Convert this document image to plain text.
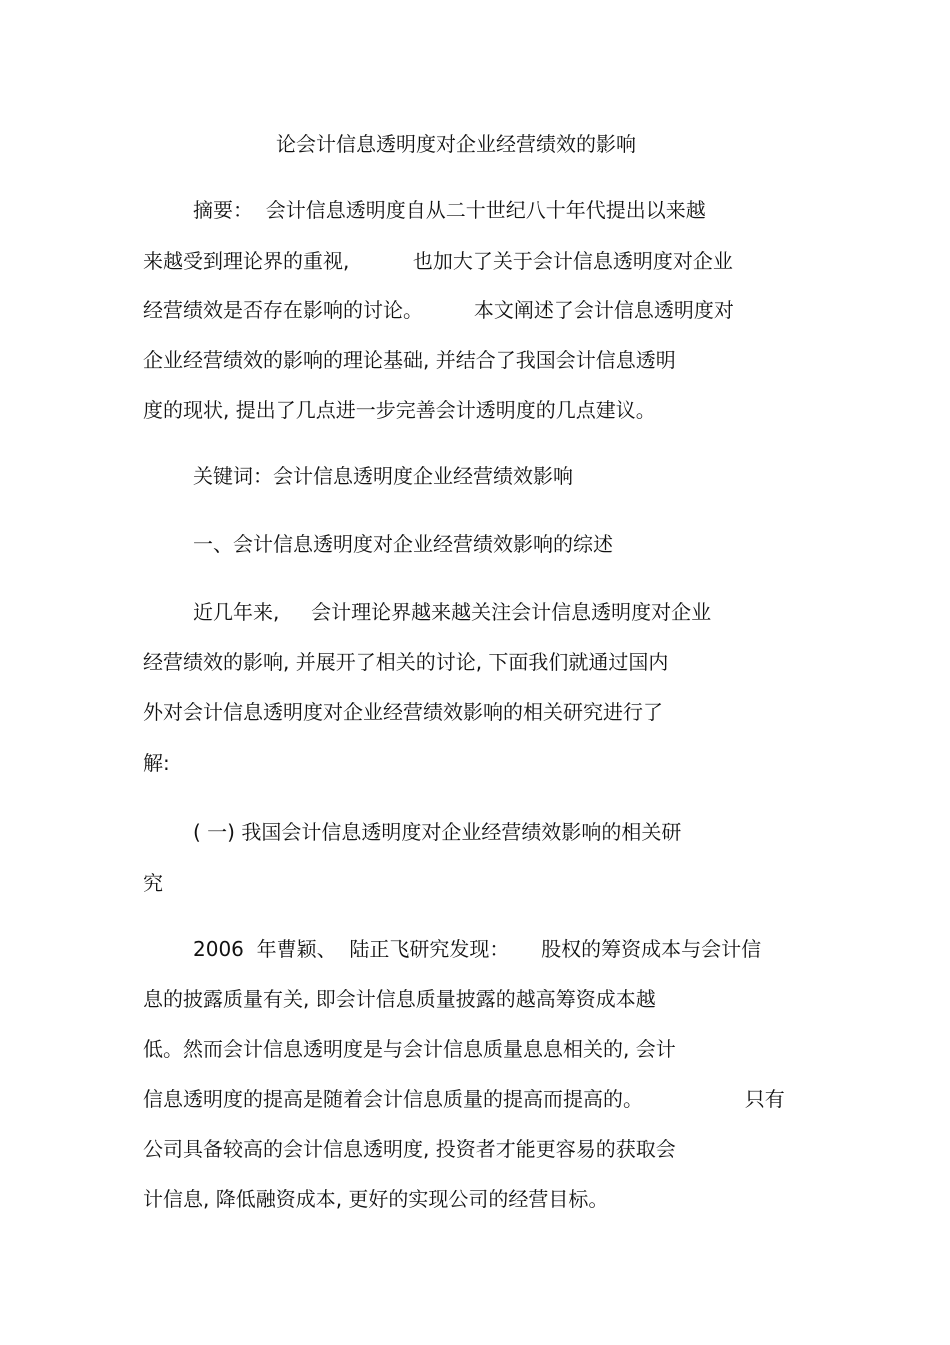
论会计信息透明度对企业经营绩效的影响
摘要：  会计信息透明度自从二十世纪八十年代提出以来越
来越受到理论界的重视,          也加大了关于会计信息透明度对企业
经营绩效是否存在影响的讨论。        本文阐述了会计信息透明度对
企业经营绩效的影响的理论基础, 并结合了我国会计信息透明
度的现状, 提出了几点进一步完善会计透明度的几点建议。
关键词：会计信息透明度企业经营绩效影响
一、会计信息透明度对企业经营绩效影响的综述
近几年来,     会计理论界越来越关注会计信息透明度对企业
经营绩效的影响, 并展开了相关的讨论, 下面我们就通过国内
外对会计信息透明度对企业经营绩效影响的相关研究进行了
解:
( 一) 我国会计信息透明度对企业经营绩效影响的相关研
究
2006  年曹颖、  陆正飞研究发现：     股权的筹资成本与会计信
息的披露质量有关, 即会计信息质量披露的越高筹资成本越
低。然而会计信息透明度是与会计信息质量息息相关的, 会计
信息透明度的提高是随着会计信息质量的提高而提高的。                只有
公司具备较高的会计信息透明度, 投资者才能更容易的获取会
计信息, 降低融资成本, 更好的实现公司的经营目标。
